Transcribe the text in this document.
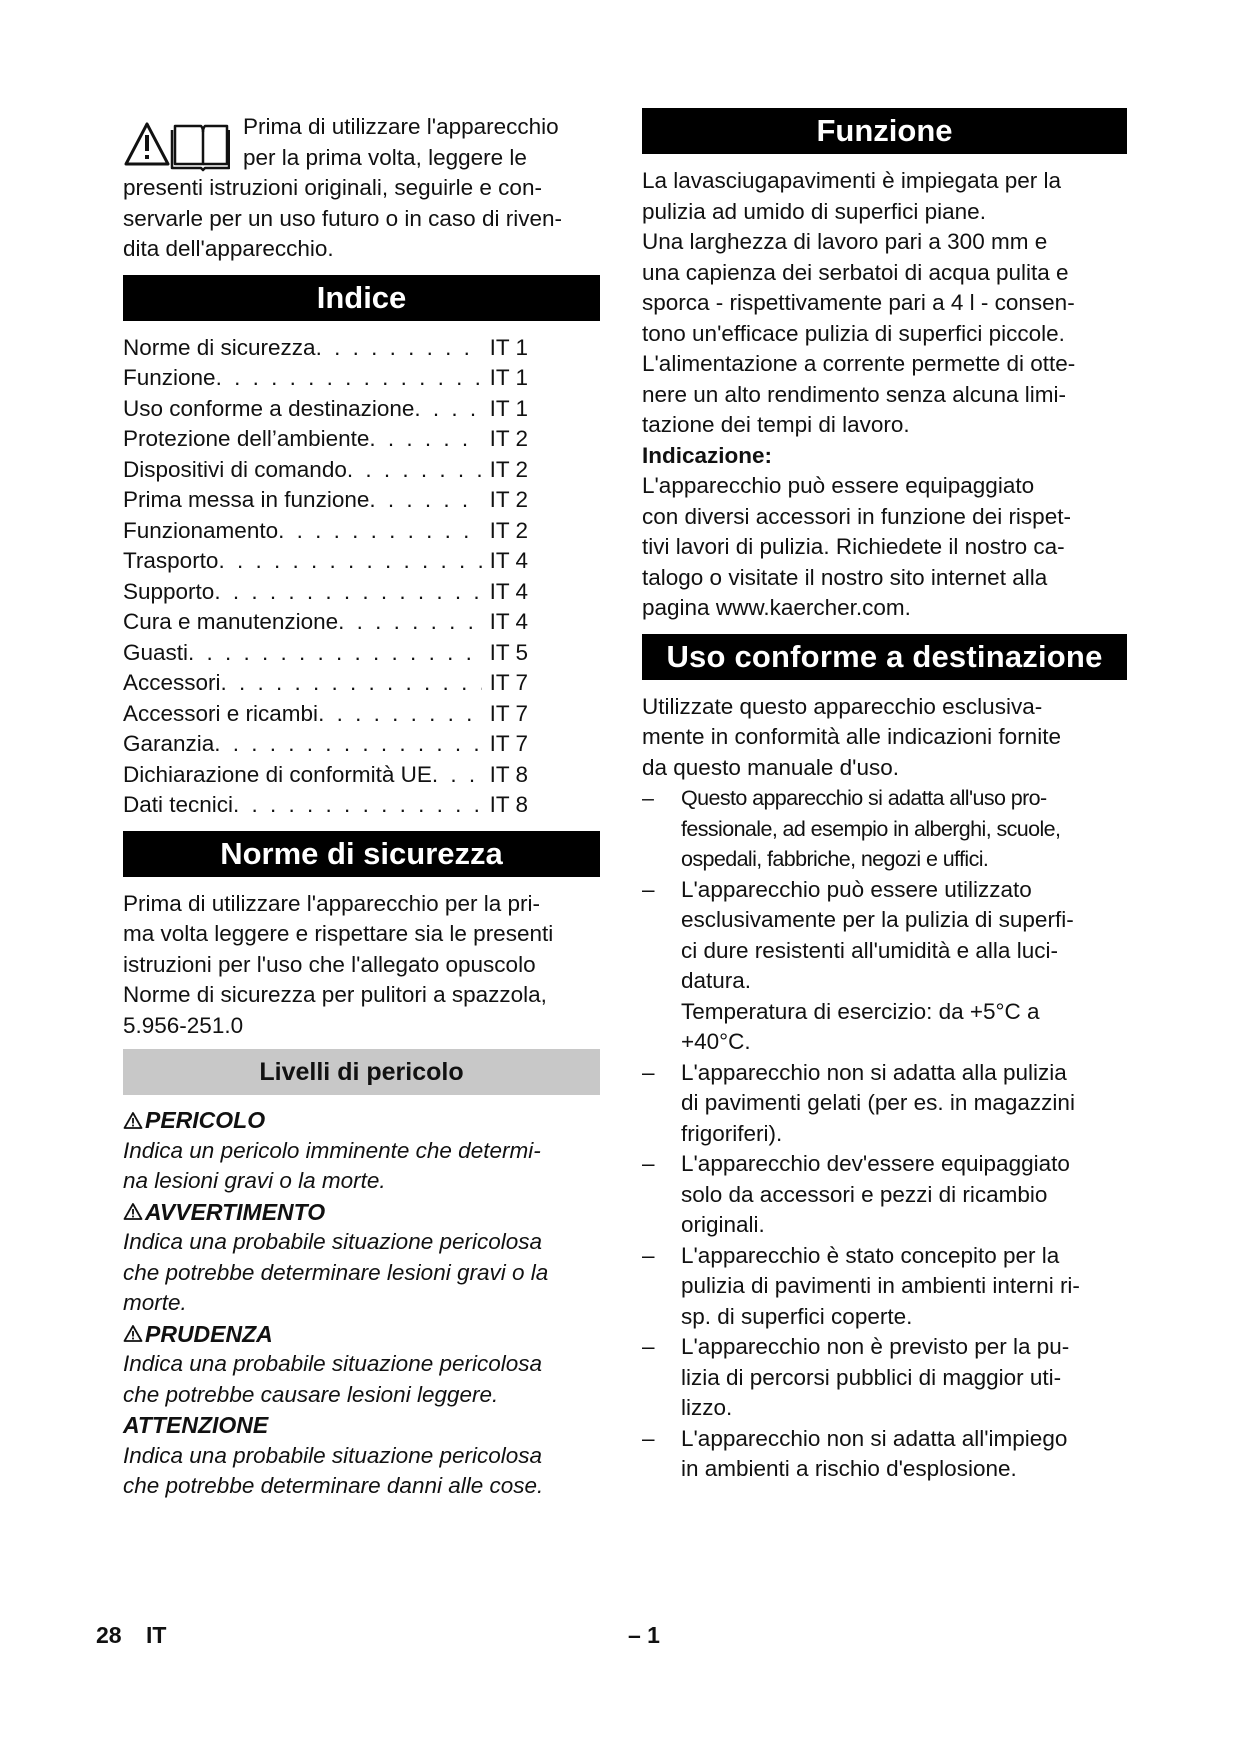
Prima di utilizzare l'apparecchio

per la prima volta, leggere le

presenti istruzioni originali, seguirle e con-

servarle per un uso futuro o in caso di riven-

dita dell'apparecchio.

Indice
Norme di sicurezza . . .	IT 1
Funzione . . .	IT 1
Uso conforme a destinazione . . .	IT 1
Protezione dell’ambiente . . .	IT 2
Dispositivi di comando . . .	IT 2
Prima messa in funzione . . .	IT 2
Funzionamento . . .	IT 2
Trasporto . . .	IT 4
Supporto . . .	IT 4
Cura e manutenzione . . .	IT 4
Guasti . . .	IT 5
Accessori . . .	IT 7
Accessori e ricambi . . .	IT 7
Garanzia . . .	IT 7
Dichiarazione di conformità UE . . .	IT 8
Dati tecnici . . .	IT 8
Norme di sicurezza

Prima di utilizzare l'apparecchio per la pri-

ma volta leggere e rispettare sia le presenti

istruzioni per l'uso che l'allegato opuscolo

Norme di sicurezza per pulitori a spazzola,

5.956-251.0

Livelli di pericolo

PERICOLO

Indica un pericolo imminente che determi-

na lesioni gravi o la morte.

AVVERTIMENTO

Indica una probabile situazione pericolosa

che potrebbe determinare lesioni gravi o la

morte.

PRUDENZA

Indica una probabile situazione pericolosa

che potrebbe causare lesioni leggere.

ATTENZIONE

Indica una probabile situazione pericolosa

che potrebbe determinare danni alle cose.

Funzione

La lavasciugapavimenti è impiegata per la

pulizia ad umido di superfici piane.

Una larghezza di lavoro pari a 300 mm e

una capienza dei serbatoi di acqua pulita e

sporca - rispettivamente pari a 4 l - consen-

tono un'efficace pulizia di superfici piccole.

L'alimentazione a corrente permette di otte-

nere un alto rendimento senza alcuna limi-

tazione dei tempi di lavoro.

Indicazione:

L'apparecchio può essere equipaggiato

con diversi accessori in funzione dei rispet-

tivi lavori di pulizia. Richiedete il nostro ca-

talogo o visitate il nostro sito internet alla

pagina www.kaercher.com.

Uso conforme a destinazione

Utilizzate questo apparecchio esclusiva-

mente in conformità alle indicazioni fornite

da questo manuale d'uso.

– Questo apparecchio si adatta all'uso pro-
fessionale, ad esempio in alberghi, scuole,
ospedali, fabbriche, negozi e uffici.
– L'apparecchio può essere utilizzato
esclusivamente per la pulizia di superfi-
ci dure resistenti all'umidità e alla luci-
datura.
Temperatura di esercizio: da +5°C a
+40°C.
– L'apparecchio non si adatta alla pulizia
di pavimenti gelati (per es. in magazzini
frigoriferi).
– L'apparecchio dev'essere equipaggiato
solo da accessori e pezzi di ricambio
originali.
– L'apparecchio è stato concepito per la
pulizia di pavimenti in ambienti interni ri-
sp. di superfici coperte.
– L'apparecchio non è previsto per la pu-
lizia di percorsi pubblici di maggior uti-
lizzo.
– L'apparecchio non si adatta all'impiego
in ambienti a rischio d'esplosione.
28 IT	– 1
